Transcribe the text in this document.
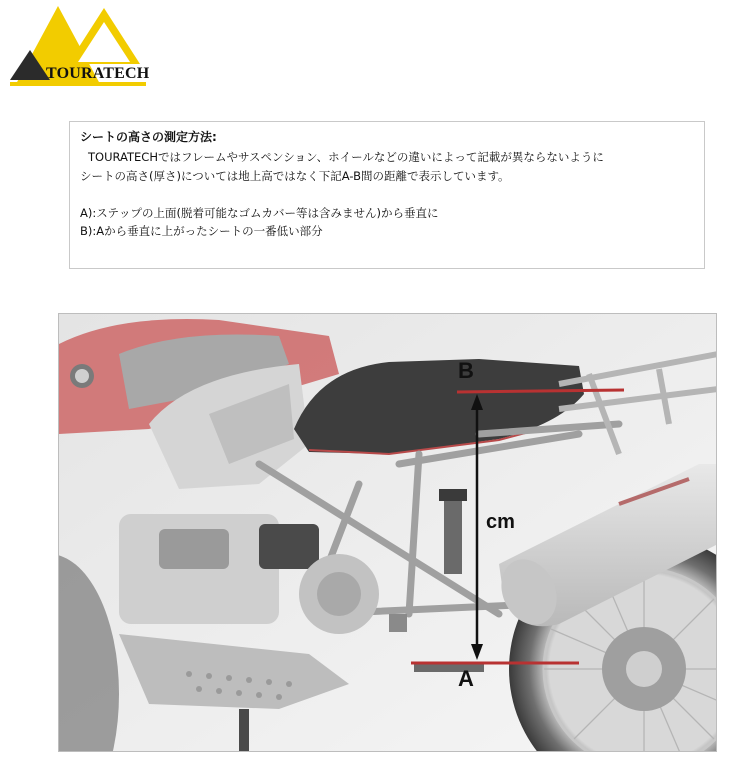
TOURATECH
シートの高さの測定方法:
TOURATECHではフレームやサスペンション、ホイールなどの違いによって記載が異ならないように
シートの高さ(厚さ)については地上高ではなく下記A-B間の距離で表示しています。
A):ステップの上面(脱着可能なゴムカバー等は含みません)から垂直に
B):Aから垂直に上がったシートの一番低い部分
B
cm
A
